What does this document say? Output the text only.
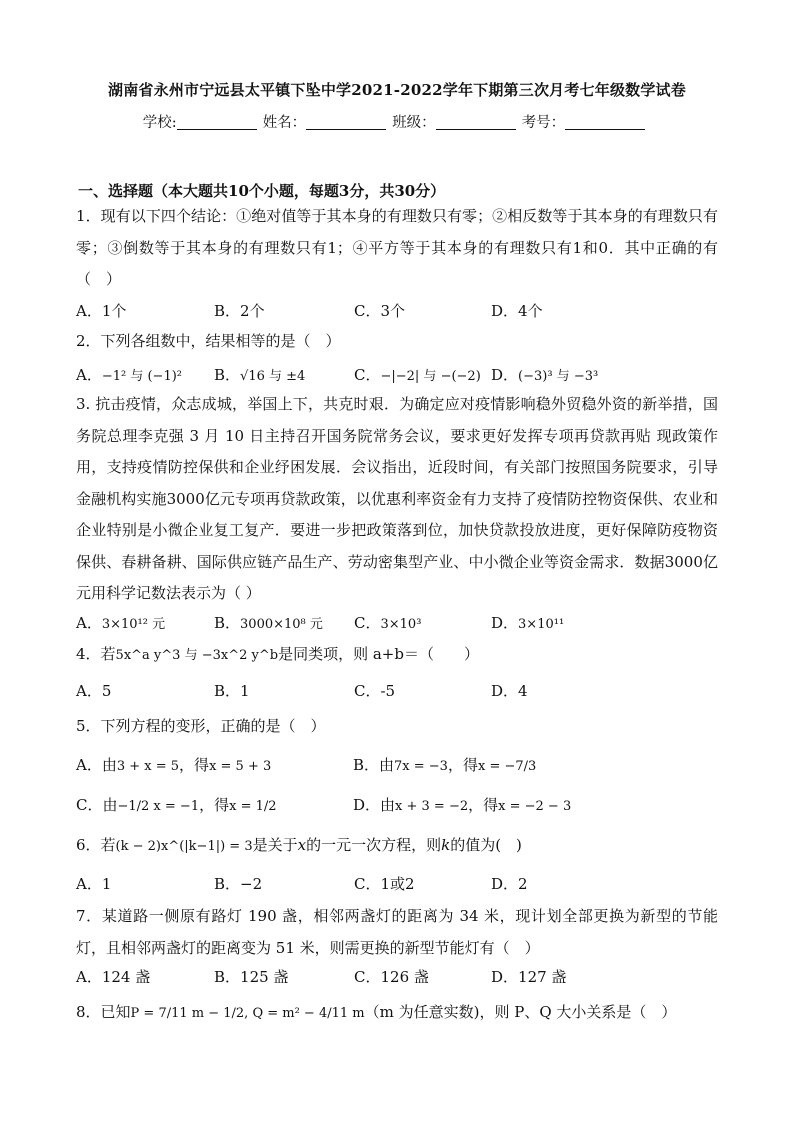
湖南省永州市宁远县太平镇下坠中学2021-2022学年下期第三次月考七年级数学试卷
学校:	姓名：	班级：	考号：
一、选择题（本大题共10个小题，每题3分，共30分）
1．现有以下四个结论：①绝对值等于其本身的有理数只有零；②相反数等于其本身的有理数只有零；③倒数等于其本身的有理数只有1；④平方等于其本身的有理数只有1和0．其中正确的有（　）
A．1个	B．2个	C．3个	D．4个
2．下列各组数中，结果相等的是（　）
A．−1² 与 (−1)² B．√16 与 ±4	C．−|−2| 与 −(−2) D．(−3)³ 与 −3³
3. 抗击疫情，众志成城，举国上下，共克时艰．为确定应对疫情影响稳外贸稳外资的新举措，国务院总理李克强 3 月 10 日主持召开国务院常务会议，要求更好发挥专项再贷款再贴 现政策作用，支持疫情防控保供和企业纾困发展．会议指出，近段时间，有关部门按照国务院要求，引导金融机构实施3000亿元专项再贷款政策，以优惠利率资金有力支持了疫情防控物资保供、农业和企业特别是小微企业复工复产．要进一步把政策落到位，加快贷款投放进度，更好保障防疫物资保供、春耕备耕、国际供应链产品生产、劳动密集型产业、中小微企业等资金需求．数据3000亿元用科学记数法表示为（ ）
A．3×10¹² 元	B．3000×10⁸ 元 C．3×10³	D．3×10¹¹
4．若5x^a y^3 与 −3x^2 y^b是同类项，则 a+b＝（　　）
A．5	B．1	C．-5	D．4
5．下列方程的变形，正确的是（　）
A．由3 + x = 5，得x = 5 + 3	B．由7x = −3，得x = −7/3
C．由−1/2 x = −1，得x = 1/2	D．由x + 3 = −2，得x = −2 − 3
6．若(k − 2)x^(|k−1|) = 3是关于x的一元一次方程，则k的值为(　)
A．1	B．−2	C．1或2	D．2
7．某道路一侧原有路灯 190 盏，相邻两盏灯的距离为 34 米，现计划全部更换为新型的节能灯，且相邻两盏灯的距离变为 51 米，则需更换的新型节能灯有（　）
A．124 盏	B．125 盏	C．126 盏	D．127 盏
8．已知P = 7/11 m − 1/2, Q = m² − 4/11 m（m 为任意实数)，则 P、Q 大小关系是（　）
